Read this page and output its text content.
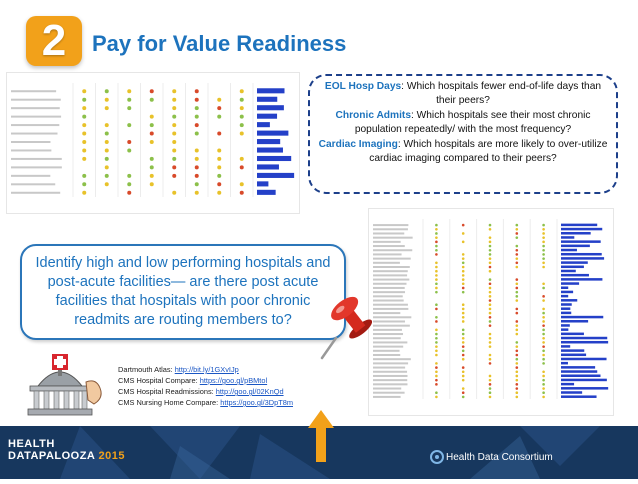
2	Pay for Value Readiness
EOL Hosp Days: Which hospitals fewer end-of-life days than their peers?
Chronic Admits: Which hospitals see their most chronic population repeatedly/ with the most frequency?
Cardiac Imaging: Which hospitals are more likely to over-utilize cardiac imaging compared to their peers?
Identify high and low performing hospitals and post-acute facilities— are there post acute facilities that hospitals with poor chronic readmits are routing members to?
Dartmouth Atlas: http://bit.ly/1GXvIJp
CMS Hospital Compare: https://goo.gl/pBMtol
CMS Hospital Readmissions: http://goo.gl/02KnQd
CMS Nursing Home Compare: https://goo.gl/3DpT8m
HEALTH
DATAPALOOZA 2015	Health Data Consortium
